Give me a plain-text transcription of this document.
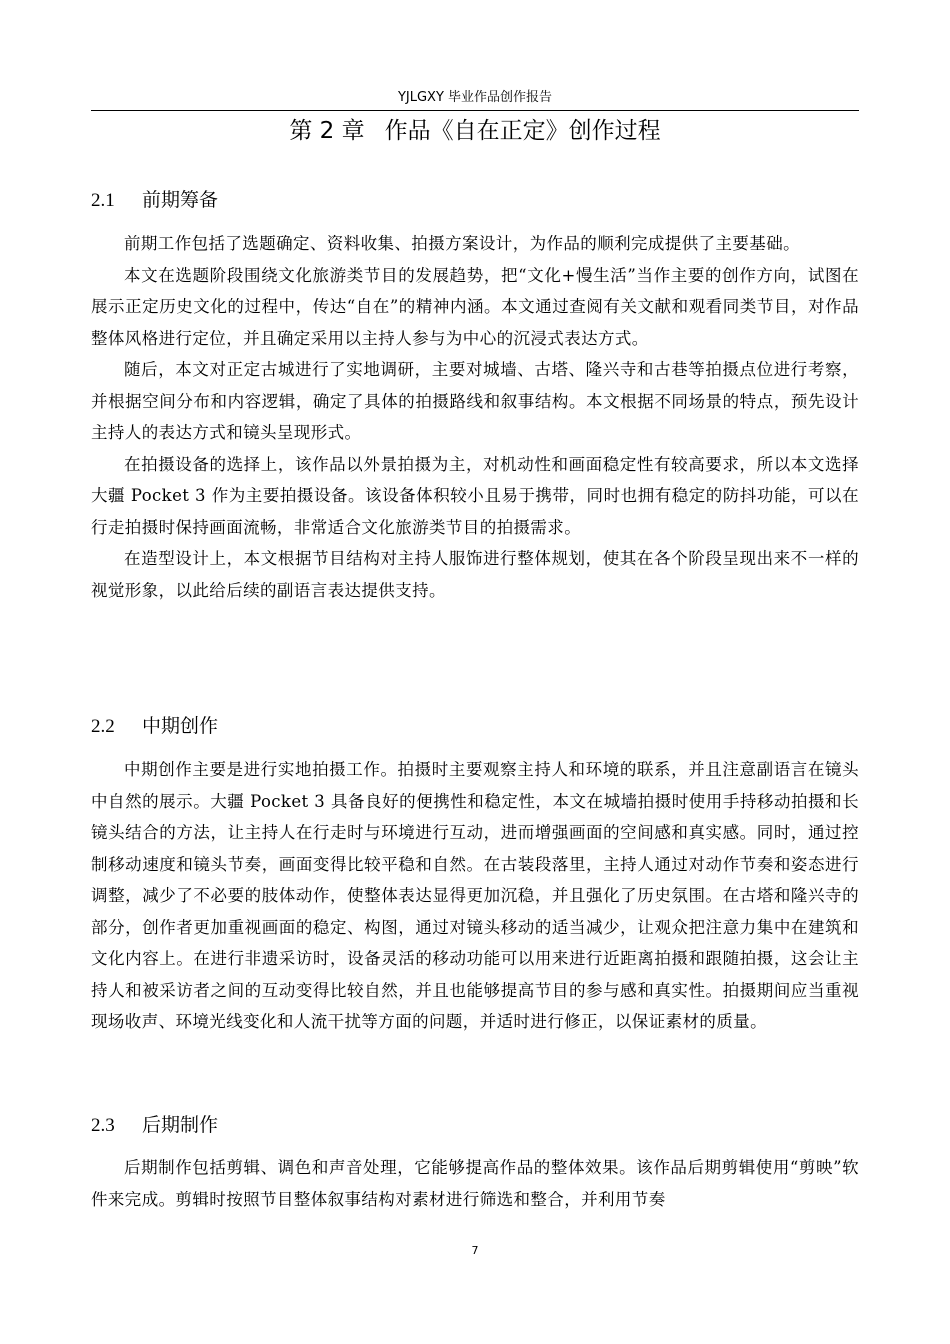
YJLGXY 毕业作品创作报告
第 2 章 作品《自在正定》创作过程
2.1 前期筹备

前期工作包括了选题确定、资料收集、拍摄方案设计，为作品的顺利完成提供了主要基础。

本文在选题阶段围绕文化旅游类节目的发展趋势，把“文化+慢生活”当作主要的创作方向，试图在展示正定历史文化的过程中，传达“自在”的精神内涵。本文通过查阅有关文献和观看同类节目，对作品整体风格进行定位，并且确定采用以主持人参与为中心的沉浸式表达方式。

随后，本文对正定古城进行了实地调研，主要对城墙、古塔、隆兴寺和古巷等拍摄点位进行考察，并根据空间分布和内容逻辑，确定了具体的拍摄路线和叙事结构。本文根据不同场景的特点，预先设计主持人的表达方式和镜头呈现形式。

在拍摄设备的选择上，该作品以外景拍摄为主，对机动性和画面稳定性有较高要求，所以本文选择大疆 Pocket 3 作为主要拍摄设备。该设备体积较小且易于携带，同时也拥有稳定的防抖功能，可以在行走拍摄时保持画面流畅，非常适合文化旅游类节目的拍摄需求。

在造型设计上，本文根据节目结构对主持人服饰进行整体规划，使其在各个阶段呈现出来不一样的视觉形象，以此给后续的副语言表达提供支持。

2.2 中期创作

中期创作主要是进行实地拍摄工作。拍摄时主要观察主持人和环境的联系，并且注意副语言在镜头中自然的展示。大疆 Pocket 3 具备良好的便携性和稳定性，本文在城墙拍摄时使用手持移动拍摄和长镜头结合的方法，让主持人在行走时与环境进行互动，进而增强画面的空间感和真实感。同时，通过控制移动速度和镜头节奏，画面变得比较平稳和自然。在古装段落里，主持人通过对动作节奏和姿态进行调整，减少了不必要的肢体动作，使整体表达显得更加沉稳，并且强化了历史氛围。在古塔和隆兴寺的部分，创作者更加重视画面的稳定、构图，通过对镜头移动的适当减少，让观众把注意力集中在建筑和文化内容上。在进行非遗采访时，设备灵活的移动功能可以用来进行近距离拍摄和跟随拍摄，这会让主持人和被采访者之间的互动变得比较自然，并且也能够提高节目的参与感和真实性。拍摄期间应当重视现场收声、环境光线变化和人流干扰等方面的问题，并适时进行修正，以保证素材的质量。

2.3 后期制作

后期制作包括剪辑、调色和声音处理，它能够提高作品的整体效果。该作品后期剪辑使用“剪映”软件来完成。剪辑时按照节目整体叙事结构对素材进行筛选和整合，并利用节奏

7
